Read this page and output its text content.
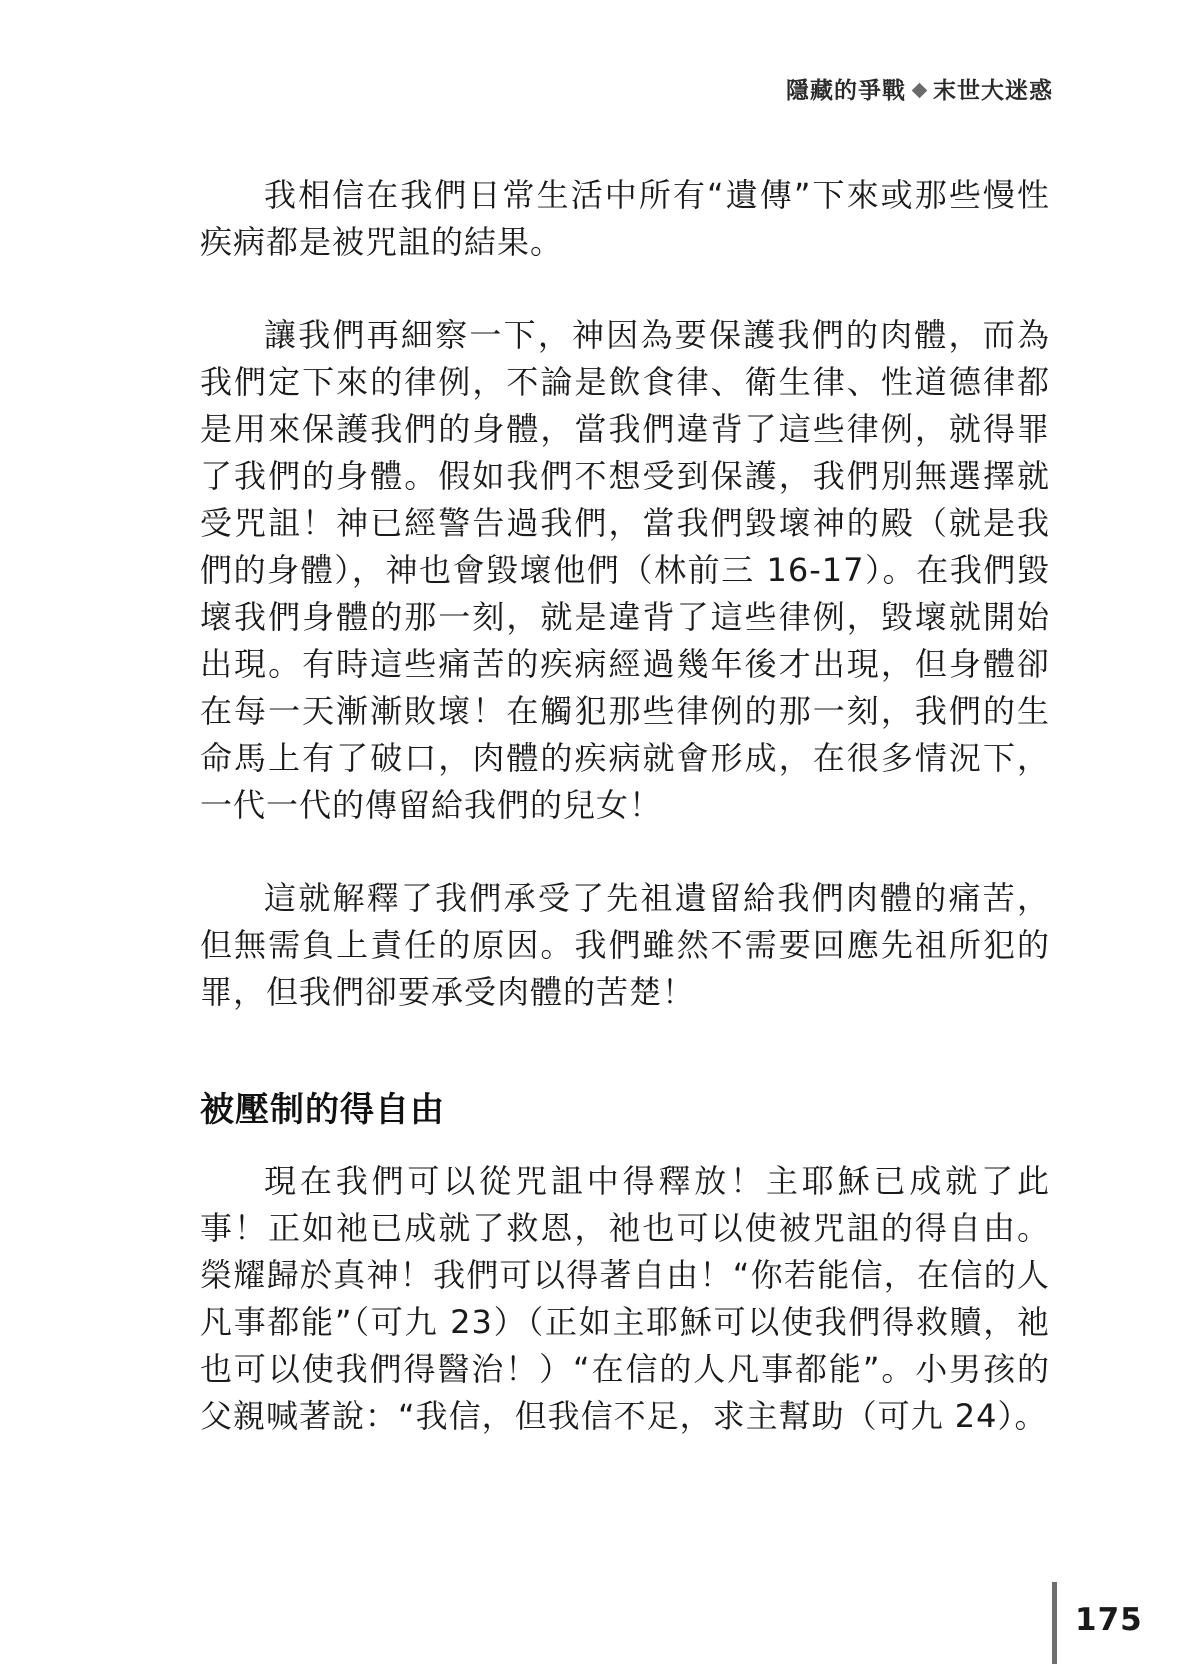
隱藏的爭戰 末世大迷惑

我相信在我們日常生活中所有“遺傳”下來或那些慢性疾病都是被咒詛的結果。

讓我們再細察一下，神因為要保護我們的肉體，而為我們定下來的律例，不論是飲食律、衛生律、性道德律都是用來保護我們的身體，當我們違背了這些律例，就得罪了我們的身體。假如我們不想受到保護，我們別無選擇就受咒詛！神已經警告過我們，當我們毀壞神的殿（就是我們的身體），神也會毀壞他們（林前三 16-17）。在我們毀壞我們身體的那一刻，就是違背了這些律例，毀壞就開始出現。有時這些痛苦的疾病經過幾年後才出現，但身體卻在每一天漸漸敗壞！在觸犯那些律例的那一刻，我們的生命馬上有了破口，肉體的疾病就會形成，在很多情況下，一代一代的傳留給我們的兒女！

這就解釋了我們承受了先祖遺留給我們肉體的痛苦，但無需負上責任的原因。我們雖然不需要回應先祖所犯的罪，但我們卻要承受肉體的苦楚！

被壓制的得自由

現在我們可以從咒詛中得釋放！主耶穌已成就了此事！正如祂已成就了救恩，祂也可以使被咒詛的得自由。榮耀歸於真神！我們可以得著自由！“你若能信，在信的人凡事都能”（可九 23）（正如主耶穌可以使我們得救贖，祂也可以使我們得醫治！）“在信的人凡事都能”。小男孩的父親喊著說：“我信，但我信不足，求主幫助（可九 24）。

175
